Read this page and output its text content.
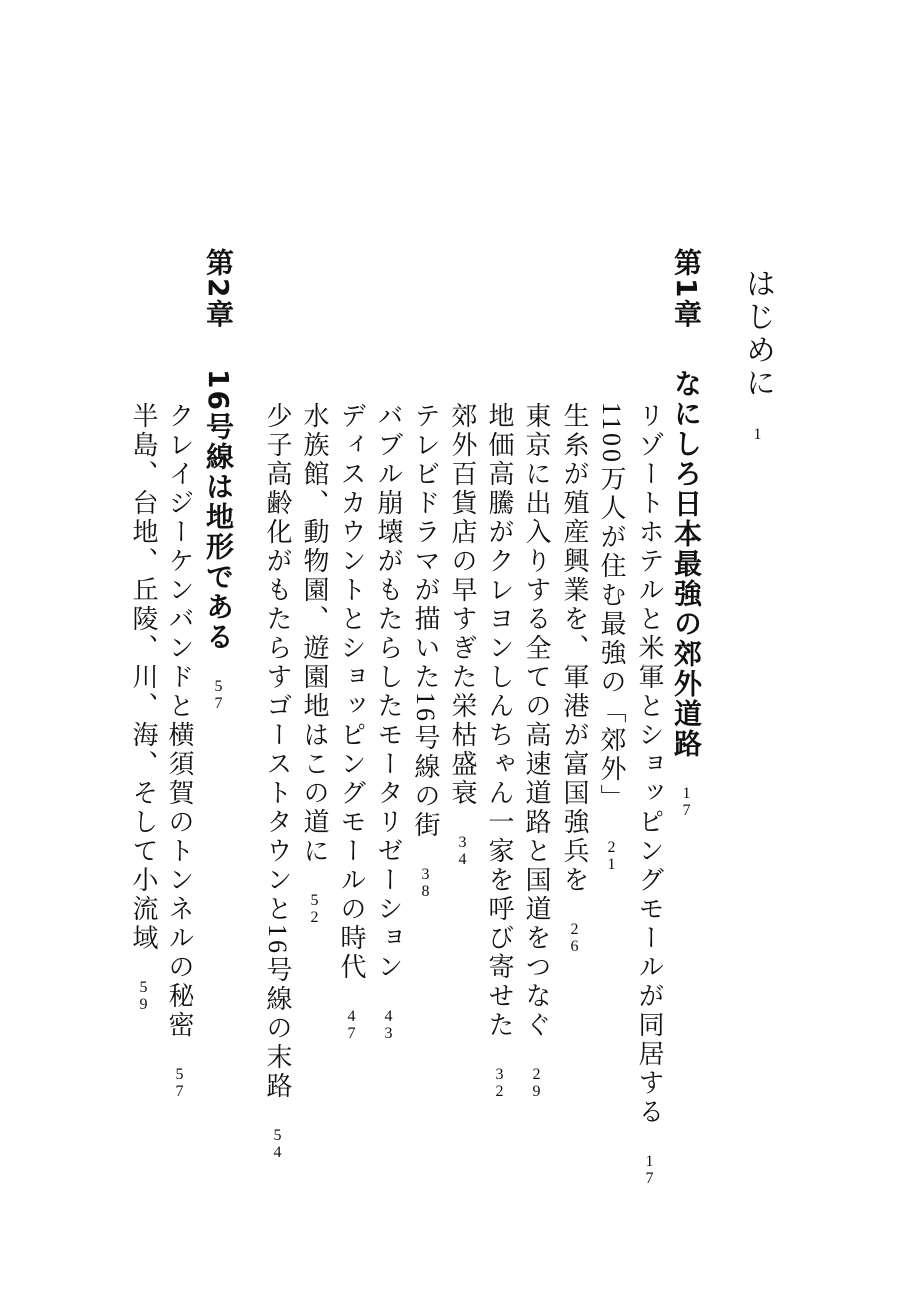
はじめに
1
第1章
なにしろ日本最強の郊外道路
17
リゾートホテルと米軍とショッピングモールが同居する
17
1100万人が住む最強の「郊外」
21
生糸が殖産興業を、軍港が富国強兵を
26
東京に出入りする全ての高速道路と国道をつなぐ
29
地価高騰がクレヨンしんちゃん一家を呼び寄せた
32
郊外百貨店の早すぎた栄枯盛衰
34
テレビドラマが描いた16号線の街
38
バブル崩壊がもたらしたモータリゼーション
43
ディスカウントとショッピングモールの時代
47
水族館、動物園、遊園地はこの道に
52
少子高齢化がもたらすゴーストタウンと16号線の末路
54
第2章
16号線は地形である
57
クレイジーケンバンドと横須賀のトンネルの秘密
57
半島、台地、丘陵、川、海、そして小流域
59
